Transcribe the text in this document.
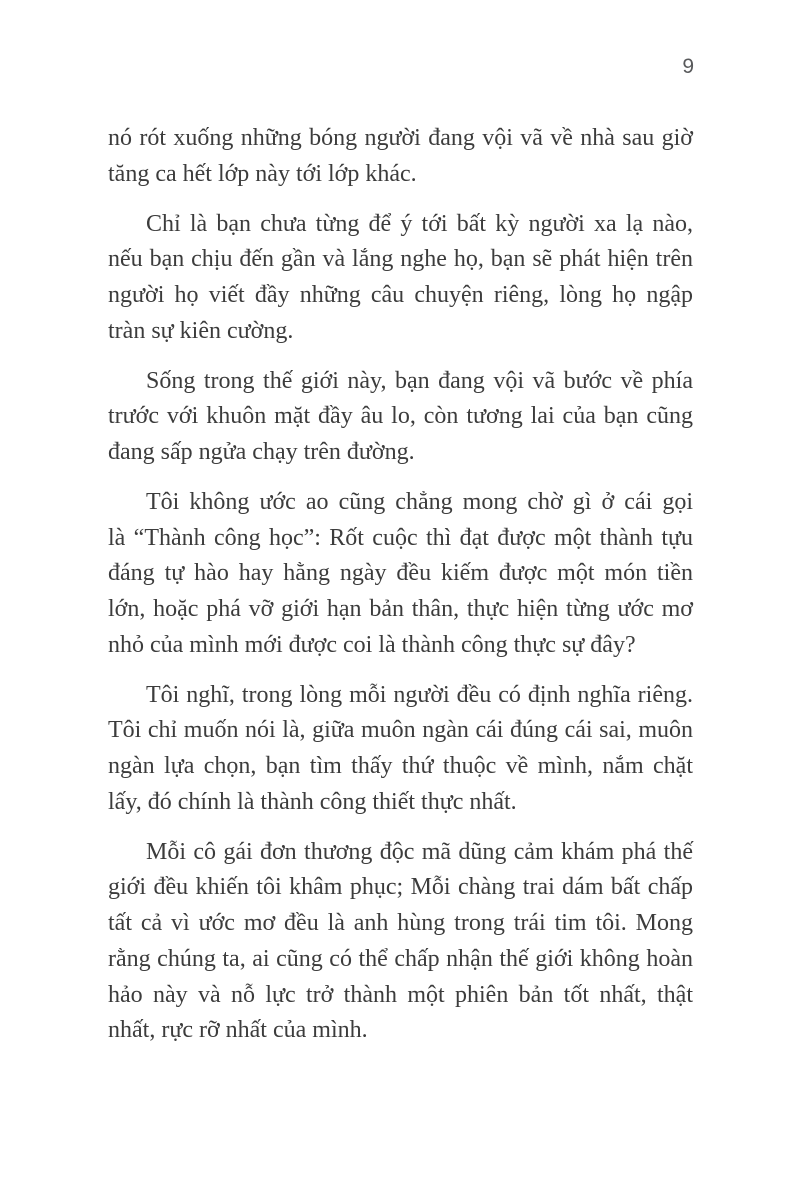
9
nó rót xuống những bóng người đang vội vã về nhà sau giờ
tăng ca hết lớp này tới lớp khác.
Chỉ là bạn chưa từng để ý tới bất kỳ người xa lạ nào,
nếu bạn chịu đến gần và lắng nghe họ, bạn sẽ phát hiện trên
người họ viết đầy những câu chuyện riêng, lòng họ ngập
tràn sự kiên cường.
Sống trong thế giới này, bạn đang vội vã bước về phía
trước với khuôn mặt đầy âu lo, còn tương lai của bạn cũng
đang sấp ngửa chạy trên đường.
Tôi không ước ao cũng chẳng mong chờ gì ở cái gọi
là “Thành công học”: Rốt cuộc thì đạt được một thành tựu
đáng tự hào hay hằng ngày đều kiếm được một món tiền
lớn, hoặc phá vỡ giới hạn bản thân, thực hiện từng ước mơ
nhỏ của mình mới được coi là thành công thực sự đây?
Tôi nghĩ, trong lòng mỗi người đều có định nghĩa riêng.
Tôi chỉ muốn nói là, giữa muôn ngàn cái đúng cái sai, muôn
ngàn lựa chọn, bạn tìm thấy thứ thuộc về mình, nắm chặt
lấy, đó chính là thành công thiết thực nhất.
Mỗi cô gái đơn thương độc mã dũng cảm khám phá thế
giới đều khiến tôi khâm phục; Mỗi chàng trai dám bất chấp
tất cả vì ước mơ đều là anh hùng trong trái tim tôi. Mong
rằng chúng ta, ai cũng có thể chấp nhận thế giới không hoàn
hảo này và nỗ lực trở thành một phiên bản tốt nhất, thật
nhất, rực rỡ nhất của mình.
